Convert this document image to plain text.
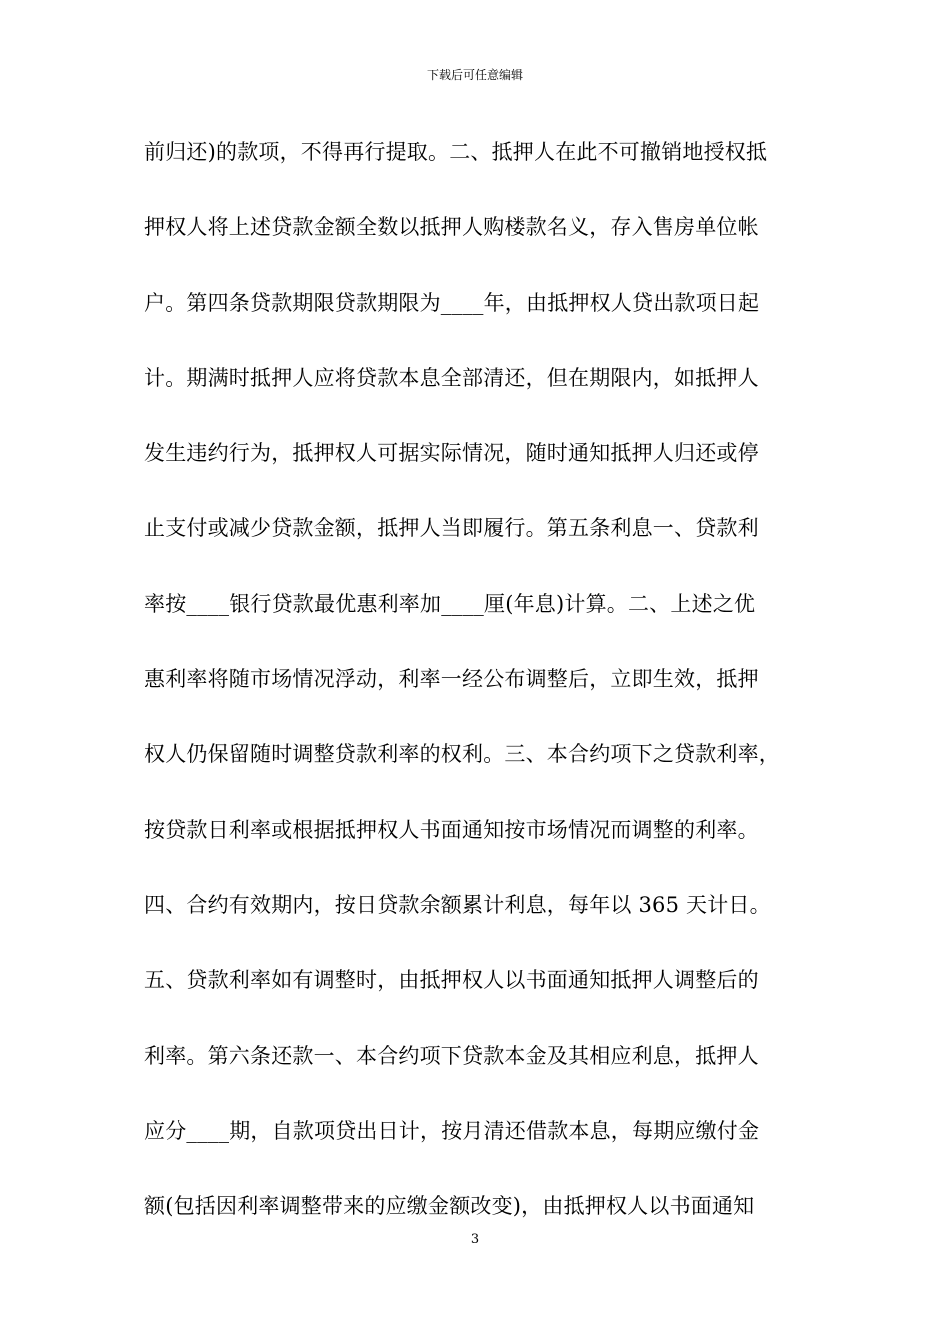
下载后可任意编辑
前归还)的款项，不得再行提取。二、抵押人在此不可撤销地授权抵
押权人将上述贷款金额全数以抵押人购楼款名义，存入售房单位帐
户。第四条贷款期限贷款期限为____年，由抵押权人贷出款项日起
计。期满时抵押人应将贷款本息全部清还，但在期限内，如抵押人
发生违约行为，抵押权人可据实际情况，随时通知抵押人归还或停
止支付或减少贷款金额，抵押人当即履行。第五条利息一、贷款利
率按____银行贷款最优惠利率加____厘(年息)计算。二、上述之优
惠利率将随市场情况浮动，利率一经公布调整后，立即生效，抵押
权人仍保留随时调整贷款利率的权利。三、本合约项下之贷款利率，
按贷款日利率或根据抵押权人书面通知按市场情况而调整的利率。
四、合约有效期内，按日贷款余额累计利息，每年以 365 天计日。
五、贷款利率如有调整时，由抵押权人以书面通知抵押人调整后的
利率。第六条还款一、本合约项下贷款本金及其相应利息，抵押人
应分____期，自款项贷出日计，按月清还借款本息，每期应缴付金
额(包括因利率调整带来的应缴金额改变)，由抵押权人以书面通知
3
